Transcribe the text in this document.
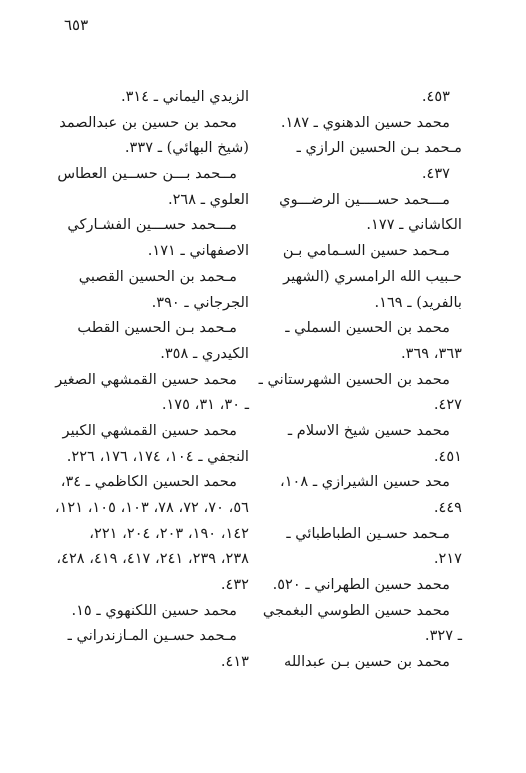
٦٥٣
٤٥٣.
محمد حسين الدهنوي ـ ١٨٧.
مـحمد بـن الحسين الرازي ـ
٤٣٧.
مـــحمد حســــين الرضـــوي
الكاشاني ـ ١٧٧.
مـحمد حسين السـمامي بـن
حـبيب الله الرامسري (الشهير
بالفريد) ـ ١٦٩.
محمد بن الحسين السملي ـ
٣٦٣، ٣٦٩.
محمد بن الحسين الشهرستاني ـ
٤٢٧.
محمد حسين شيخ الاسلام ـ
٤٥١.
محد حسين الشيرازي ـ ١٠٨،
٤٤٩.
مـحمد حسـين الطباطبائي ـ
٢١٧.
محمد حسين الطهراني ـ ٥٢٠.
محمد حسين الطوسي البغمجي
ـ ٣٢٧.
محمد بن حسين بـن عبدالله
الزيدي اليماني ـ ٣١٤.
محمد بن حسين بن عبدالصمد
(شيخ البهائي) ـ ٣٣٧.
مــحمد بـــن حســين العطاس
العلوي ـ ٢٦٨.
مـــحمد حســـين الفشـاركي
الاصفهاني ـ ١٧١.
مـحمد بن الحسين القصبي
الجرجاني ـ ٣٩٠.
مـحمد بـن الحسين القطب
الكيدري ـ ٣٥٨.
محمد حسين القمشهي الصغير
ـ ٣٠، ٣١، ١٧٥.
محمد حسين القمشهي الكبير
النجفي ـ ١٠٤، ١٧٤، ١٧٦، ٢٢٦.
محمد الحسين الكاظمي ـ ٣٤،
٥٦، ٧٠، ٧٢، ٧٨، ١٠٣، ١٠٥، ١٢١،
١٤٢، ١٩٠، ٢٠٣، ٢٠٤، ٢٢١،
٢٣٨، ٢٣٩، ٢٤١، ٤١٧، ٤١٩، ٤٢٨،
٤٣٢.
محمد حسين اللكنهوي ـ ١٥.
مـحمد حسـين المـازندراني ـ
٤١٣.
